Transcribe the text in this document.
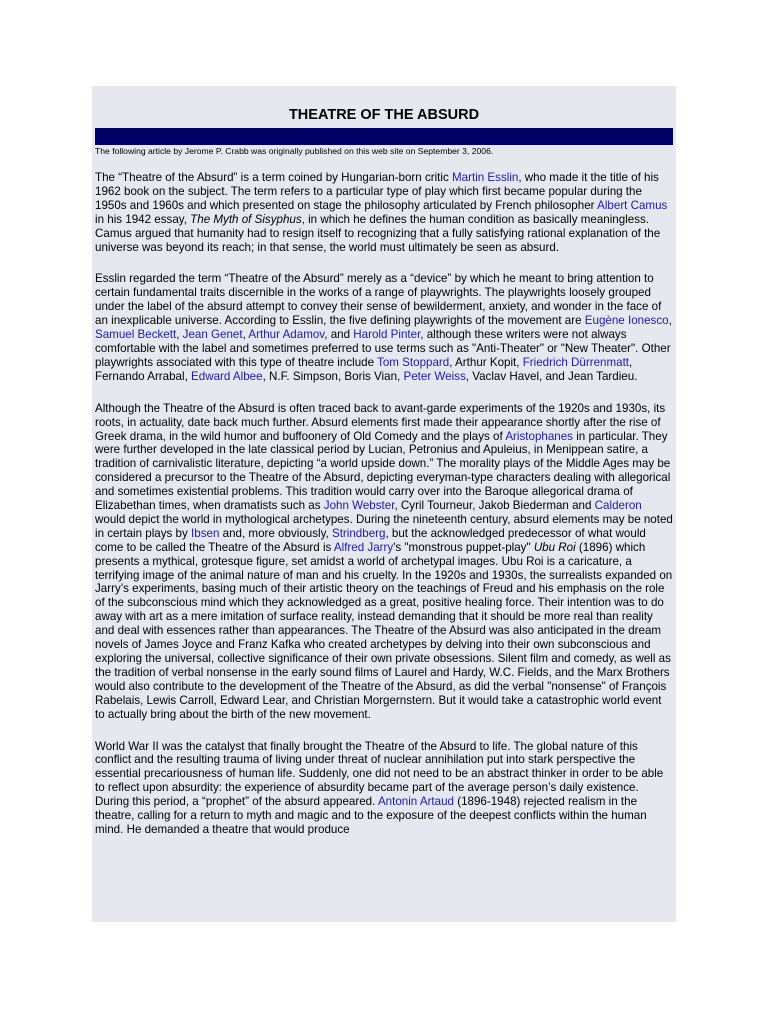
THEATRE OF THE ABSURD
The following article by Jerome P. Crabb was originally published on this web site on September 3, 2006.

The “Theatre of the Absurd” is a term coined by Hungarian-born critic Martin Esslin, who made it the title of his 1962 book on the subject. The term refers to a particular type of play which first became popular during the 1950s and 1960s and which presented on stage the philosophy articulated by French philosopher Albert Camus in his 1942 essay, The Myth of Sisyphus, in which he defines the human condition as basically meaningless. Camus argued that humanity had to resign itself to recognizing that a fully satisfying rational explanation of the universe was beyond its reach; in that sense, the world must ultimately be seen as absurd.

Esslin regarded the term “Theatre of the Absurd” merely as a “device” by which he meant to bring attention to certain fundamental traits discernible in the works of a range of playwrights. The playwrights loosely grouped under the label of the absurd attempt to convey their sense of bewilderment, anxiety, and wonder in the face of an inexplicable universe. According to Esslin, the five defining playwrights of the movement are Eugène Ionesco, Samuel Beckett, Jean Genet, Arthur Adamov, and Harold Pinter, although these writers were not always comfortable with the label and sometimes preferred to use terms such as "Anti-Theater" or "New Theater". Other playwrights associated with this type of theatre include Tom Stoppard, Arthur Kopit, Friedrich Dürrenmatt, Fernando Arrabal, Edward Albee, N.F. Simpson, Boris Vian, Peter Weiss, Vaclav Havel, and Jean Tardieu.

Although the Theatre of the Absurd is often traced back to avant-garde experiments of the 1920s and 1930s, its roots, in actuality, date back much further. Absurd elements first made their appearance shortly after the rise of Greek drama, in the wild humor and buffoonery of Old Comedy and the plays of Aristophanes in particular. They were further developed in the late classical period by Lucian, Petronius and Apuleius, in Menippean satire, a tradition of carnivalistic literature, depicting “a world upside down.” The morality plays of the Middle Ages may be considered a precursor to the Theatre of the Absurd, depicting everyman-type characters dealing with allegorical and sometimes existential problems. This tradition would carry over into the Baroque allegorical drama of Elizabethan times, when dramatists such as John Webster, Cyril Tourneur, Jakob Biederman and Calderon would depict the world in mythological archetypes. During the nineteenth century, absurd elements may be noted in certain plays by Ibsen and, more obviously, Strindberg, but the acknowledged predecessor of what would come to be called the Theatre of the Absurd is Alfred Jarry's "monstrous puppet-play" Ubu Roi (1896) which presents a mythical, grotesque figure, set amidst a world of archetypal images. Ubu Roi is a caricature, a terrifying image of the animal nature of man and his cruelty. In the 1920s and 1930s, the surrealists expanded on Jarry’s experiments, basing much of their artistic theory on the teachings of Freud and his emphasis on the role of the subconscious mind which they acknowledged as a great, positive healing force. Their intention was to do away with art as a mere imitation of surface reality, instead demanding that it should be more real than reality and deal with essences rather than appearances. The Theatre of the Absurd was also anticipated in the dream novels of James Joyce and Franz Kafka who created archetypes by delving into their own subconscious and exploring the universal, collective significance of their own private obsessions. Silent film and comedy, as well as the tradition of verbal nonsense in the early sound films of Laurel and Hardy, W.C. Fields, and the Marx Brothers would also contribute to the development of the Theatre of the Absurd, as did the verbal "nonsense" of François Rabelais, Lewis Carroll, Edward Lear, and Christian Morgernstern. But it would take a catastrophic world event to actually bring about the birth of the new movement.

World War II was the catalyst that finally brought the Theatre of the Absurd to life. The global nature of this conflict and the resulting trauma of living under threat of nuclear annihilation put into stark perspective the essential precariousness of human life. Suddenly, one did not need to be an abstract thinker in order to be able to reflect upon absurdity: the experience of absurdity became part of the average person’s daily existence. During this period, a “prophet” of the absurd appeared. Antonin Artaud (1896-1948) rejected realism in the theatre, calling for a return to myth and magic and to the exposure of the deepest conflicts within the human mind. He demanded a theatre that would produce
